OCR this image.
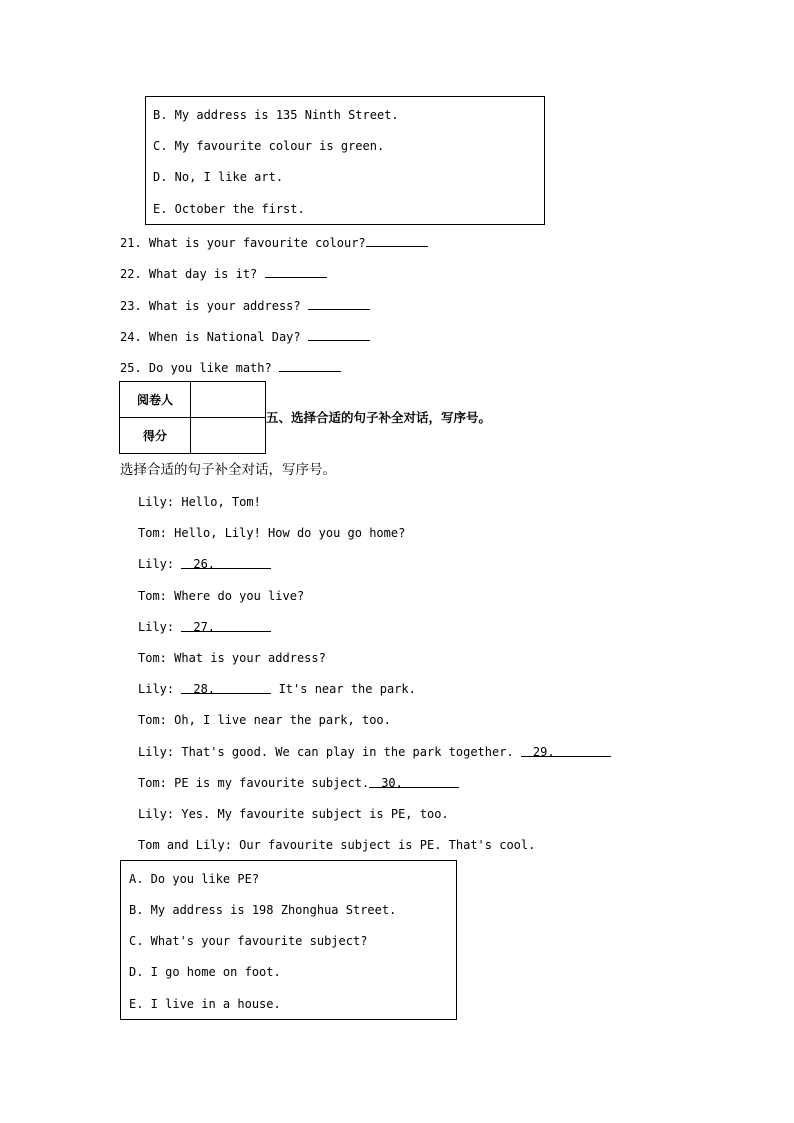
B. My address is 135 Ninth Street.
C. My favourite colour is green.
D. No, I like art.
E. October the first.
21. What is your favourite colour?
22. What day is it?
23. What is your address?
24. When is National Day?
25. Do you like math?
阅卷人	
得分	
五、选择合适的句子补全对话，写序号。
选择合适的句子补全对话，写序号。
Lily: Hello, Tom!
Tom: Hello, Lily! How do you go home?
Lily: 26.
Tom: Where do you live?
Lily: 27.
Tom: What is your address?
Lily: 28.	It's near the park.
Tom: Oh, I live near the park, too.
Lily: That's good. We can play in the park together. 29.
Tom: PE is my favourite subject. 30.
Lily: Yes. My favourite subject is PE, too.
Tom and Lily: Our favourite subject is PE. That's cool.
A. Do you like PE?
B. My address is 198 Zhonghua Street.
C. What's your favourite subject?
D. I go home on foot.
E. I live in a house.
